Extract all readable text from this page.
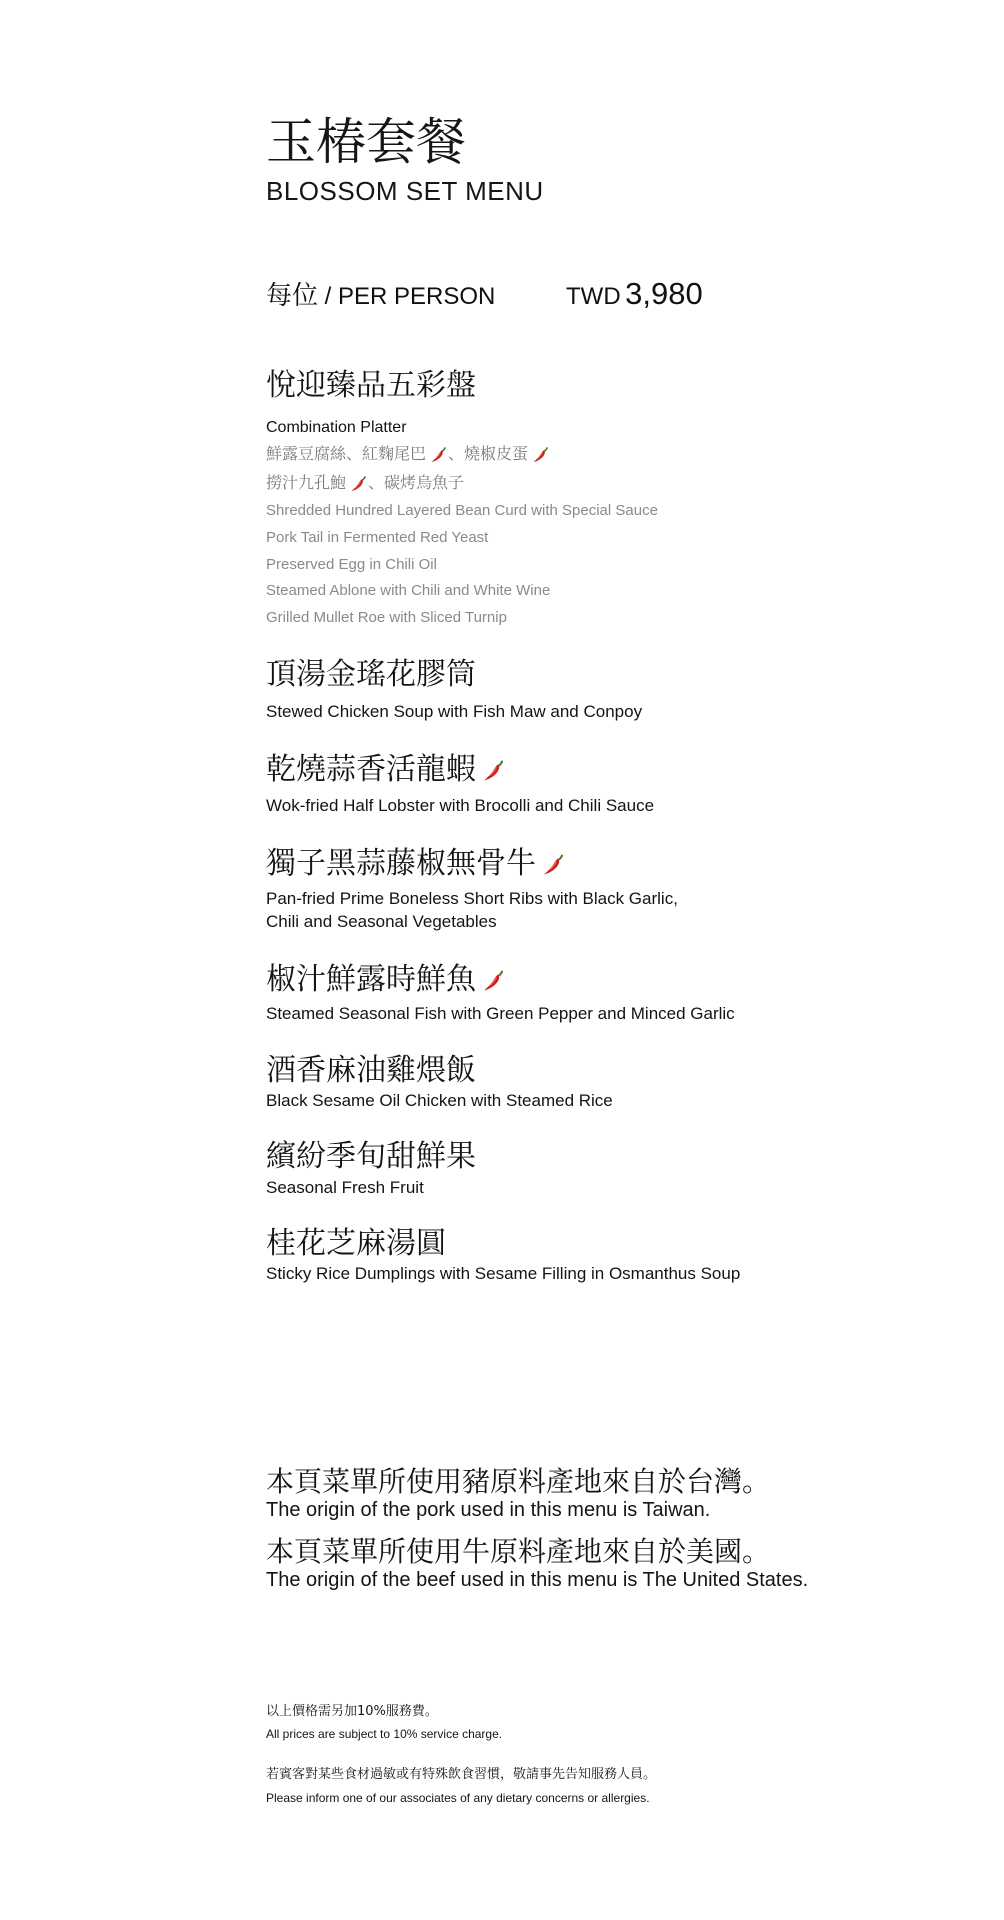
玉椿套餐
BLOSSOM SET MENU
每位 / PER PERSON	TWD 3,980
悅迎臻品五彩盤
Combination Platter
鮮露豆腐絲、紅麴尾巴 、燒椒皮蛋
撈汁九孔鮑 、碳烤烏魚子
Shredded Hundred Layered Bean Curd with Special Sauce
Pork Tail in Fermented Red Yeast
Preserved Egg in Chili Oil
Steamed Ablone with Chili and White Wine
Grilled Mullet Roe with Sliced Turnip
頂湯金瑤花膠筒
Stewed Chicken Soup with Fish Maw and Conpoy
乾燒蒜香活龍蝦
Wok-fried Half Lobster with Brocolli and Chili Sauce
獨子黑蒜藤椒無骨牛
Pan-fried Prime Boneless Short Ribs with Black Garlic,
Chili and Seasonal Vegetables
椒汁鮮露時鮮魚
Steamed Seasonal Fish with Green Pepper and Minced Garlic
酒香麻油雞煨飯
Black Sesame Oil Chicken with Steamed Rice
繽紛季旬甜鮮果
Seasonal Fresh Fruit
桂花芝麻湯圓
Sticky Rice Dumplings with Sesame Filling in Osmanthus Soup
本頁菜單所使用豬原料產地來自於台灣。
The origin of the pork used in this menu is Taiwan.
本頁菜單所使用牛原料產地來自於美國。
The origin of the beef used in this menu is The United States.
以上價格需另加10%服務費。
All prices are subject to 10% service charge.
若賓客對某些食材過敏或有特殊飲食習慣，敬請事先告知服務人員。
Please inform one of our associates of any dietary concerns or allergies.
